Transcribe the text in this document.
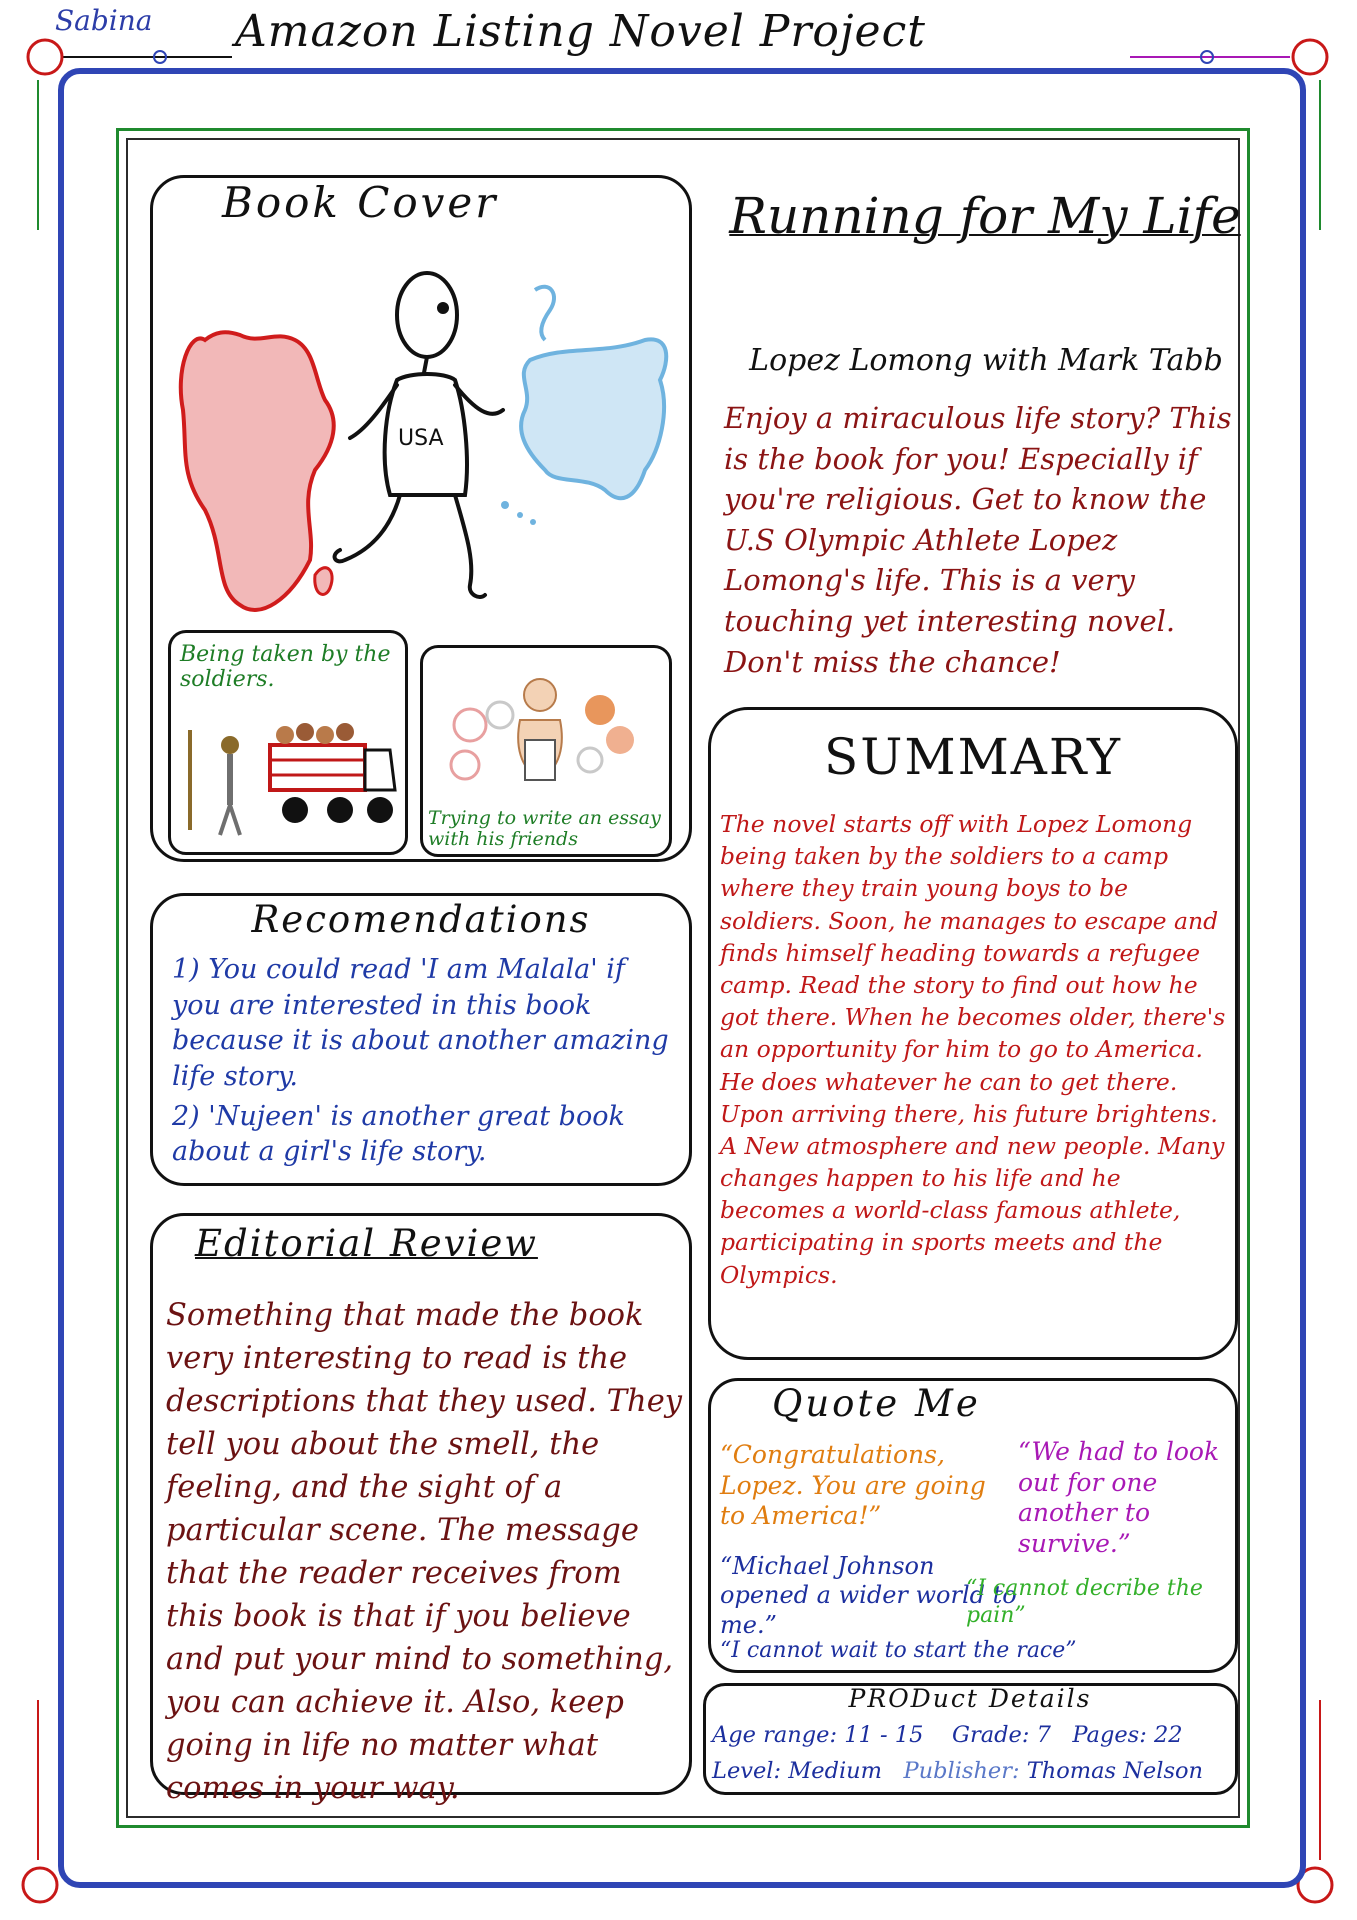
Sabina Amazon Listing Novel Project
Book Cover
USA
Being taken by the soldiers.
Trying to write an essay with his friends
Running for My Life
Lopez Lomong with Mark Tabb
Enjoy a miraculous life story? This is the book for you! Especially if you're religious. Get to know the U.S Olympic Athlete Lopez Lomong's life. This is a very touching yet interesting novel. Don't miss the chance!
SUMMARY
The novel starts off with Lopez Lomong being taken by the soldiers to a camp where they train young boys to be soldiers. Soon, he manages to escape and finds himself heading towards a refugee camp. Read the story to find out how he got there. When he becomes older, there's an opportunity for him to go to America. He does whatever he can to get there. Upon arriving there, his future brightens. A New atmosphere and new people. Many changes happen to his life and he becomes a world-class famous athlete, participating in sports meets and the Olympics.
Recomendations
1) You could read 'I am Malala' if you are interested in this book because it is about another amazing life story.
2) 'Nujeen' is another great book about a girl's life story.
Editorial Review
Something that made the book very interesting to read is the descriptions that they used. They tell you about the smell, the feeling, and the sight of a particular scene. The message that the reader receives from this book is that if you believe and put your mind to something, you can achieve it. Also, keep going in life no matter what comes in your way.
Quote Me
“Congratulations, Lopez. You are going to America!”
“We had to look out for one another to survive.”
“Michael Johnson opened a wider world to me.”
“I cannot decribe the pain”
“I cannot wait to start the race”
PRODuct Details
Age range: 11 - 15 Grade: 7 Pages: 22
Level: Medium Publisher: Thomas Nelson
